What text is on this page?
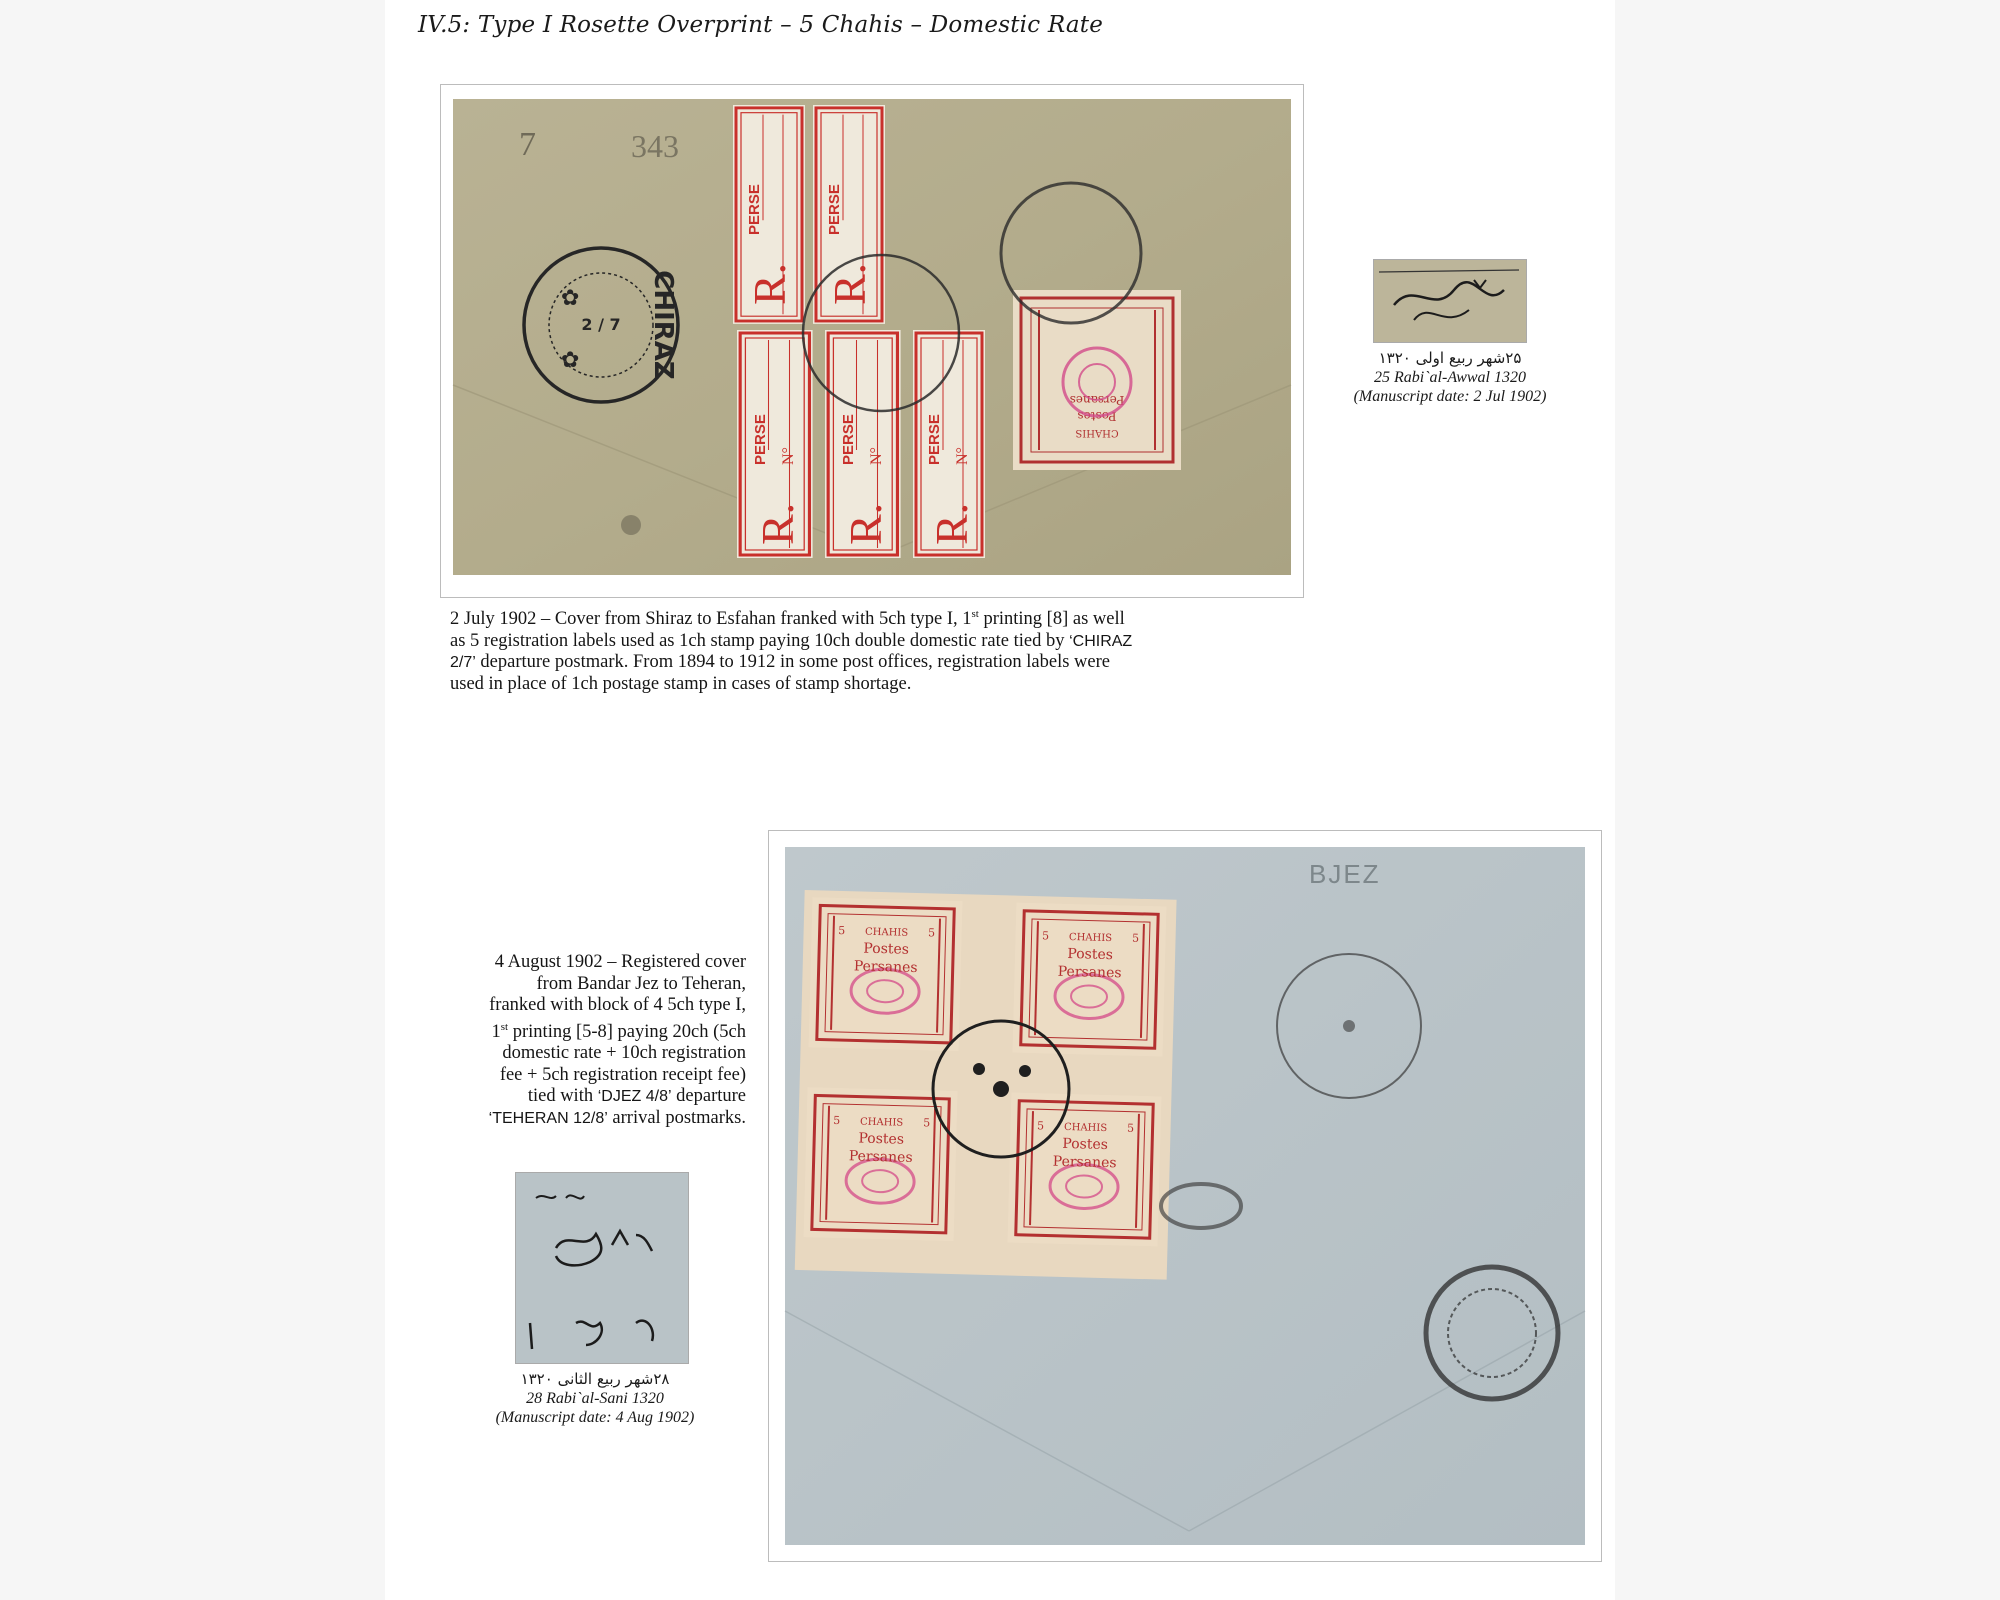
IV.5: Type I Rosette Overprint – 5 Chahis – Domestic Rate
7	343
2 / 7 CHIRAZ
✿
✿
PERSE
R.
PERSE
R.
PERSE
R.
N°	PERSE
R.
N°	PERSE
R.
N°
CHAHIS
Postes
Persanes
2 July 1902 – Cover from Shiraz to Esfahan franked with 5ch type I, 1st printing [8] as well
as 5 registration labels used as 1ch stamp paying 10ch double domestic rate tied by ‘CHIRAZ
2/7’ departure postmark. From 1894 to 1912 in some post offices, registration labels were
used in place of 1ch postage stamp in cases of stamp shortage.
۲۵شهر ربیع اولی ۱۳۲۰
25 Rabi`al-Awwal 1320
(Manuscript date: 2 Jul 1902)
BJEZ
CHAHIS
5	5
Postes
Persanes
CHAHIS
5	5
Postes
Persanes
CHAHIS
5	5
Postes
Persanes
CHAHIS
5	5
Postes
Persanes
4 August 1902 – Registered cover
from Bandar Jez to Teheran,
franked with block of 4 5ch type I,
1st printing [5-8] paying 20ch (5ch
domestic rate + 10ch registration
fee + 5ch registration receipt fee)
tied with ‘DJEZ 4/8’ departure
‘TEHERAN 12/8’ arrival postmarks.
۲۸شهر ربیع الثانی ۱۳۲۰
28 Rabi`al-Sani 1320
(Manuscript date: 4 Aug 1902)
